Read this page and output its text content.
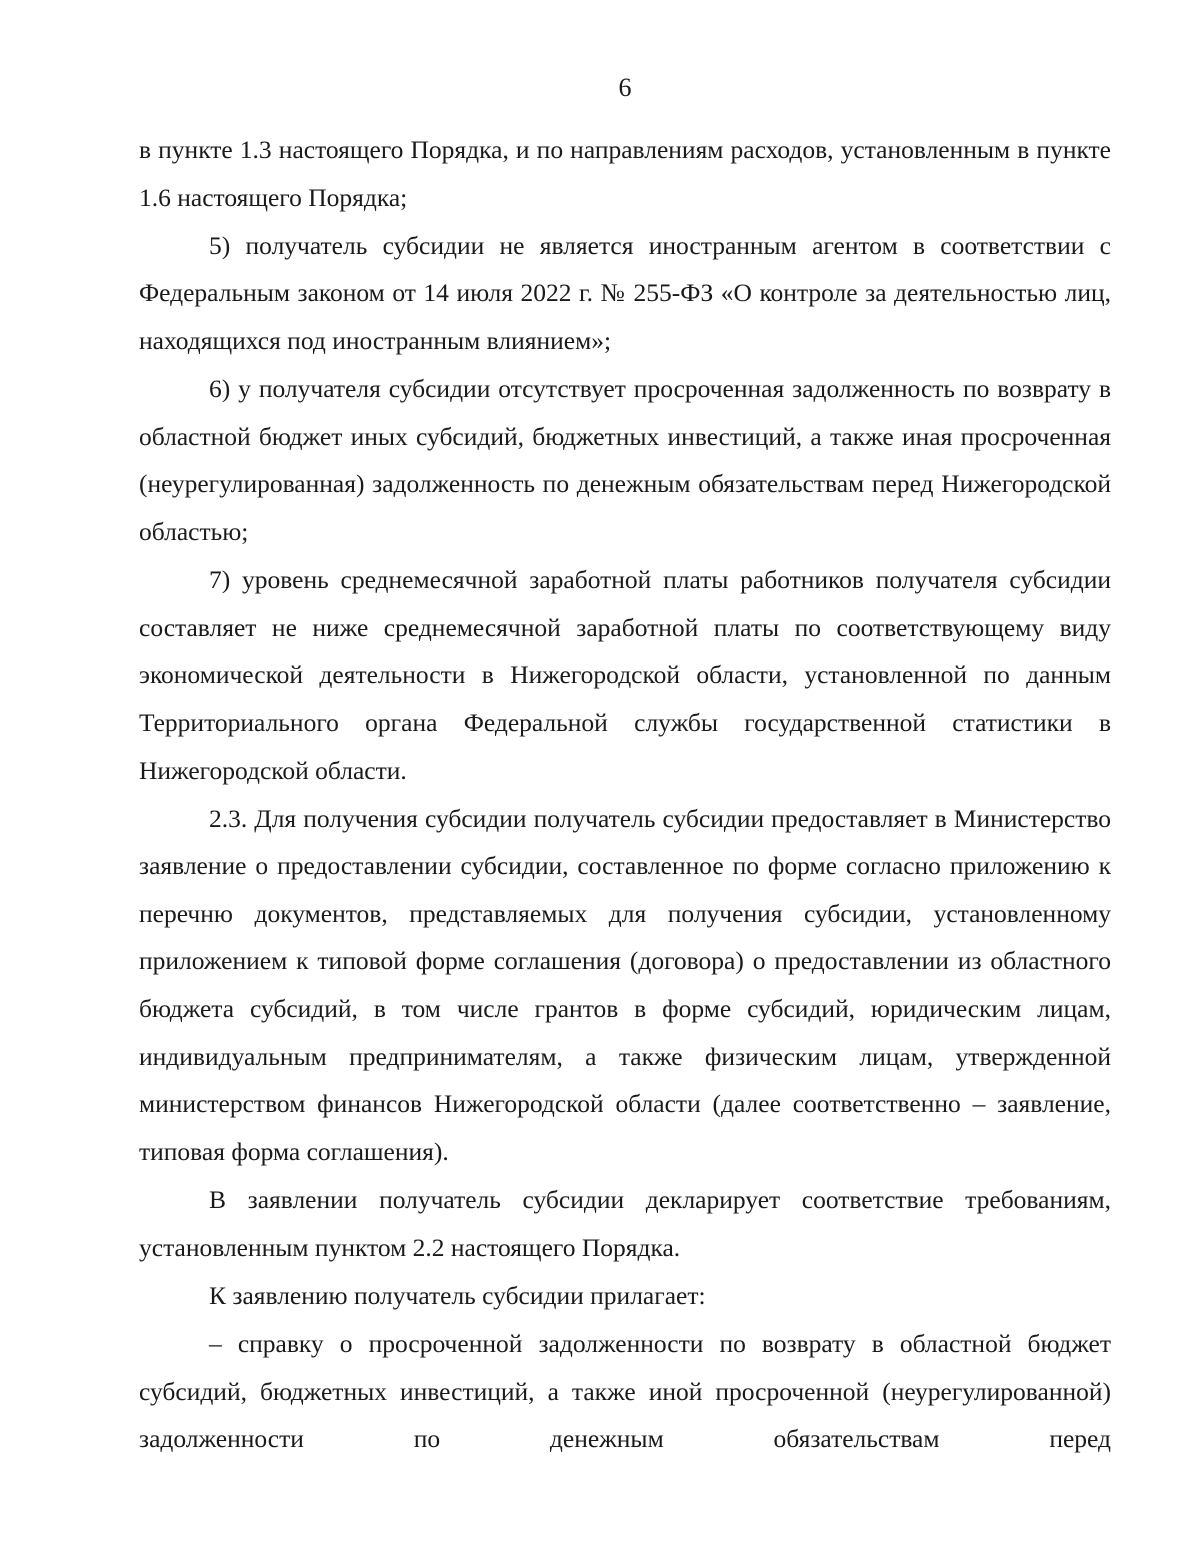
6

в пункте 1.3 настоящего Порядка, и по направлениям расходов, установленным в пункте 1.6 настоящего Порядка;

5) получатель субсидии не является иностранным агентом в соответствии с Федеральным законом от 14 июля 2022 г. № 255-ФЗ «О контроле за деятельностью лиц, находящихся под иностранным влиянием»;

6) у получателя субсидии отсутствует просроченная задолженность по возврату в областной бюджет иных субсидий, бюджетных инвестиций, а также иная просроченная (неурегулированная) задолженность по денежным обязательствам перед Нижегородской областью;

7) уровень среднемесячной заработной платы работников получателя субсидии составляет не ниже среднемесячной заработной платы по соответствующему виду экономической деятельности в Нижегородской области, установленной по данным Территориального органа Федеральной службы государственной статистики в Нижегородской области.

2.3. Для получения субсидии получатель субсидии предоставляет в Министерство заявление о предоставлении субсидии, составленное по форме согласно приложению к перечню документов, представляемых для получения субсидии, установленному приложением к типовой форме соглашения (договора) о предоставлении из областного бюджета субсидий, в том числе грантов в форме субсидий, юридическим лицам, индивидуальным предпринимателям, а также физическим лицам, утвержденной министерством финансов Нижегородской области (далее соответственно – заявление, типовая форма соглашения).

В заявлении получатель субсидии декларирует соответствие требованиям, установленным пунктом 2.2 настоящего Порядка.

К заявлению получатель субсидии прилагает:

– справку о просроченной задолженности по возврату в областной бюджет субсидий, бюджетных инвестиций, а также иной просроченной (неурегулированной) задолженности по денежным обязательствам перед
